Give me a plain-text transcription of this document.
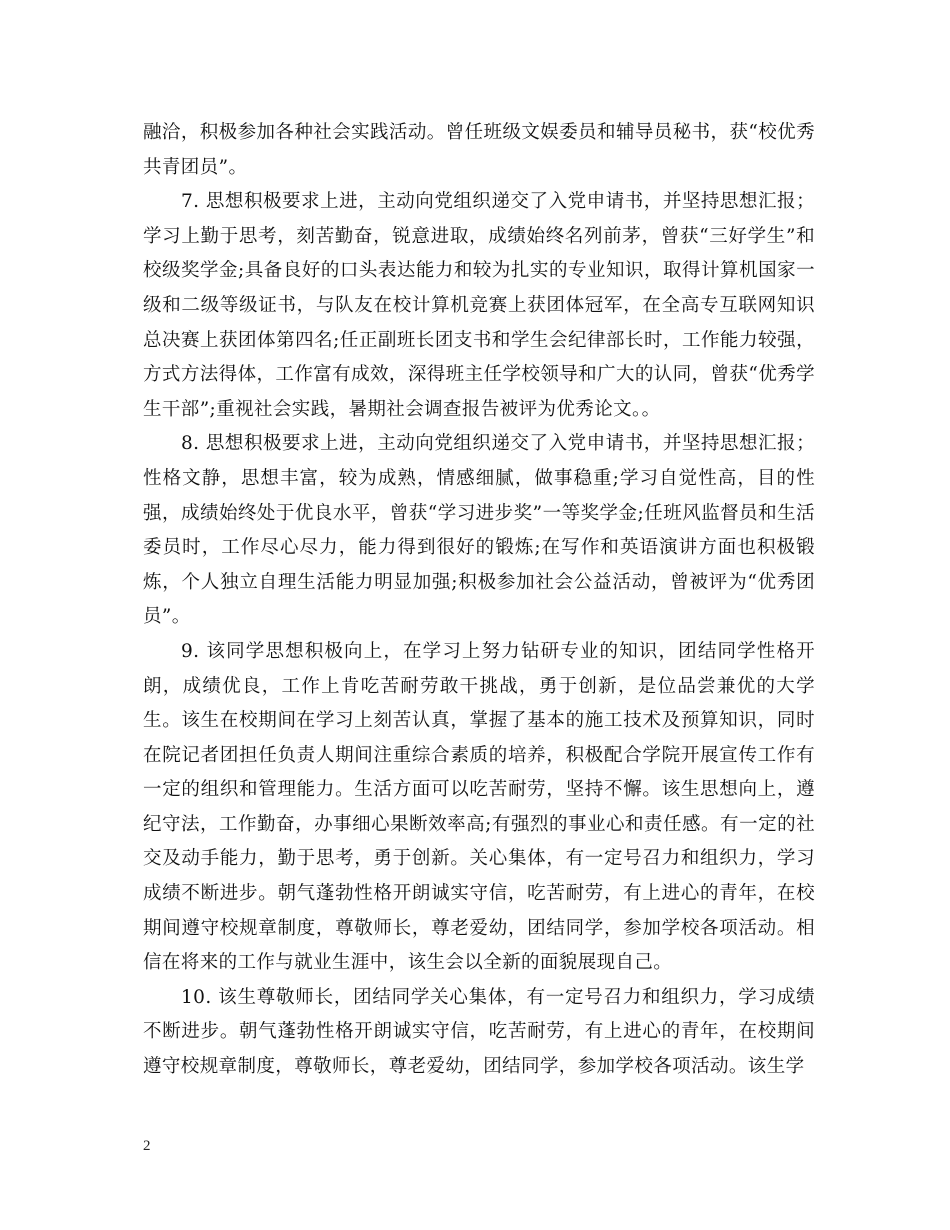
融洽，积极参加各种社会实践活动。曾任班级文娱委员和辅导员秘书，获“校优秀共青团员”。

7. 思想积极要求上进，主动向党组织递交了入党申请书，并坚持思想汇报；学习上勤于思考，刻苦勤奋，锐意进取，成绩始终名列前茅，曾获“三好学生”和校级奖学金;具备良好的口头表达能力和较为扎实的专业知识，取得计算机国家一级和二级等级证书，与队友在校计算机竞赛上获团体冠军，在全高专互联网知识总决赛上获团体第四名;任正副班长团支书和学生会纪律部长时，工作能力较强，方式方法得体，工作富有成效，深得班主任学校领导和广大的认同，曾获“优秀学生干部”;重视社会实践，暑期社会调查报告被评为优秀论文。。

8. 思想积极要求上进，主动向党组织递交了入党申请书，并坚持思想汇报；性格文静，思想丰富，较为成熟，情感细腻，做事稳重;学习自觉性高，目的性强，成绩始终处于优良水平，曾获“学习进步奖”一等奖学金;任班风监督员和生活委员时，工作尽心尽力，能力得到很好的锻炼;在写作和英语演讲方面也积极锻炼，个人独立自理生活能力明显加强;积极参加社会公益活动，曾被评为“优秀团员”。

9. 该同学思想积极向上，在学习上努力钻研专业的知识，团结同学性格开朗，成绩优良，工作上肯吃苦耐劳敢干挑战，勇于创新，是位品尝兼优的大学生。该生在校期间在学习上刻苦认真，掌握了基本的施工技术及预算知识，同时在院记者团担任负责人期间注重综合素质的培养，积极配合学院开展宣传工作有一定的组织和管理能力。生活方面可以吃苦耐劳，坚持不懈。该生思想向上，遵纪守法，工作勤奋，办事细心果断效率高;有强烈的事业心和责任感。有一定的社交及动手能力，勤于思考，勇于创新。关心集体，有一定号召力和组织力，学习成绩不断进步。朝气蓬勃性格开朗诚实守信，吃苦耐劳，有上进心的青年，在校期间遵守校规章制度，尊敬师长，尊老爱幼，团结同学，参加学校各项活动。相信在将来的工作与就业生涯中，该生会以全新的面貌展现自己。

10. 该生尊敬师长，团结同学关心集体，有一定号召力和组织力，学习成绩不断进步。朝气蓬勃性格开朗诚实守信，吃苦耐劳，有上进心的青年，在校期间遵守校规章制度，尊敬师长，尊老爱幼，团结同学，参加学校各项活动。该生学

2
